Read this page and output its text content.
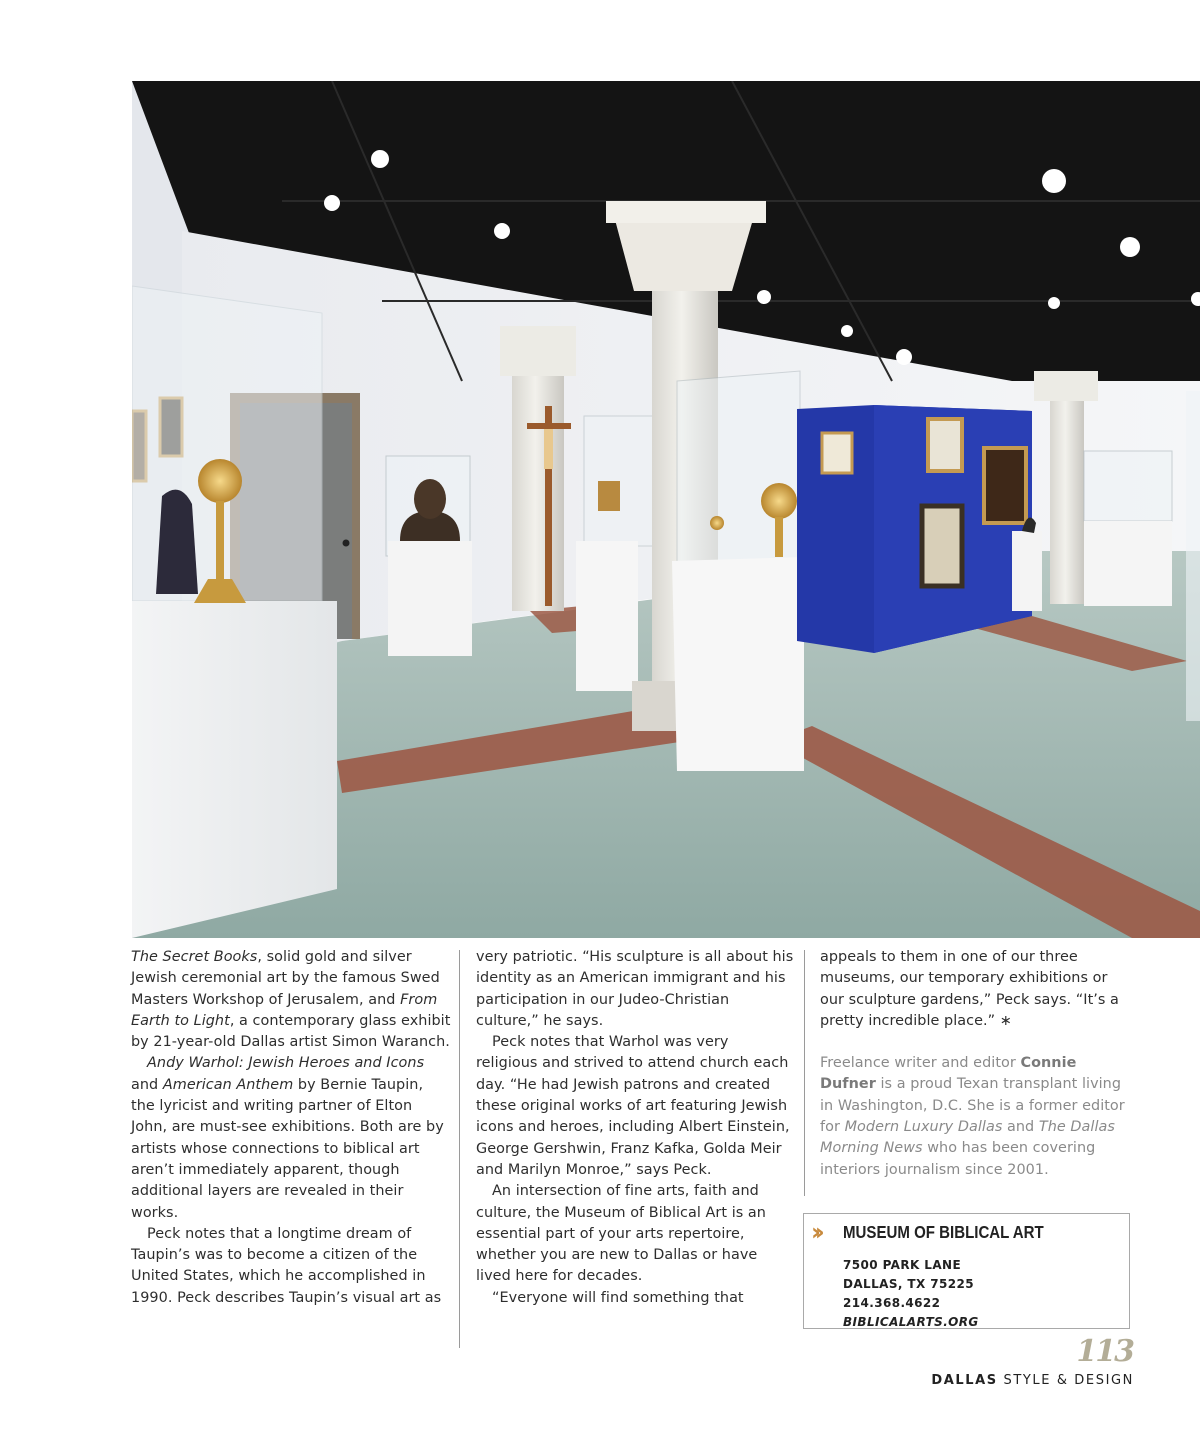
The Secret Books, solid gold and silver Jewish ceremonial art by the famous Swed Masters Workshop of Jerusalem, and From Earth to Light, a contemporary glass exhibit by 21-year-old Dallas artist Simon Waranch.

Andy Warhol: Jewish Heroes and Icons and American Anthem by Bernie Taupin, the lyricist and writing partner of Elton John, are must-see exhibitions. Both are by artists whose connections to biblical art aren’t immediately apparent, though additional layers are revealed in their works.

Peck notes that a longtime dream of Taupin’s was to become a citizen of the United States, which he accomplished in 1990. Peck describes Taupin’s visual art as

very patriotic. “His sculpture is all about his identity as an American immigrant and his participation in our Judeo-Christian culture,” he says.

Peck notes that Warhol was very religious and strived to attend church each day. “He had Jewish patrons and created these original works of art featuring Jewish icons and heroes, including Albert Einstein, George Gershwin, Franz Kafka, Golda Meir and Marilyn Monroe,” says Peck.

An intersection of fine arts, faith and culture, the Museum of Biblical Art is an essential part of your arts repertoire, whether you are new to Dallas or have lived here for decades.

“Everyone will find something that

appeals to them in one of our three museums, our temporary exhibitions or our sculpture gardens,” Peck says. “It’s a pretty incredible place.” ∗

Freelance writer and editor Connie Dufner is a proud Texan transplant living in Washington, D.C. She is a former editor for Modern Luxury Dallas and The Dallas Morning News who has been covering interiors journalism since 2001.

›› MUSEUM OF BIBLICAL ART
7500 PARK LANE
DALLAS, TX 75225
214.368.4622
BIBLICALARTS.ORG
113
DALLAS STYLE & DESIGN
